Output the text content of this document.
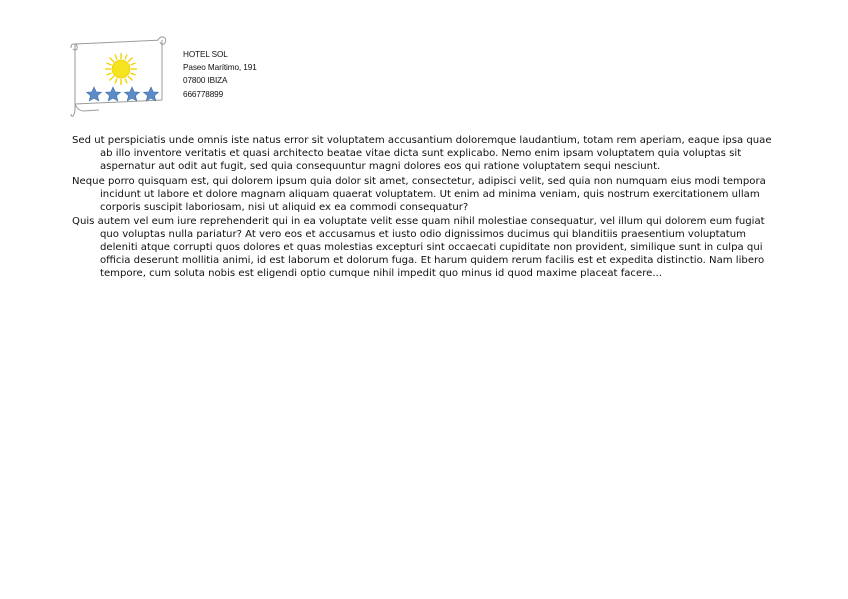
HOTEL SOL
Paseo Marítimo, 191
07800 IBIZA
666778899

Sed ut perspiciatis unde omnis iste natus error sit voluptatem accusantium doloremque laudantium, totam rem aperiam, eaque ipsa quae ab illo inventore veritatis et quasi architecto beatae vitae dicta sunt explicabo. Nemo enim ipsam voluptatem quia voluptas sit aspernatur aut odit aut fugit, sed quia consequuntur magni dolores eos qui ratione voluptatem sequi nesciunt.

Neque porro quisquam est, qui dolorem ipsum quia dolor sit amet, consectetur, adipisci velit, sed quia non numquam eius modi tempora incidunt ut labore et dolore magnam aliquam quaerat voluptatem. Ut enim ad minima veniam, quis nostrum exercitationem ullam corporis suscipit laboriosam, nisi ut aliquid ex ea commodi consequatur?

Quis autem vel eum iure reprehenderit qui in ea voluptate velit esse quam nihil molestiae consequatur, vel illum qui dolorem eum fugiat quo voluptas nulla pariatur? At vero eos et accusamus et iusto odio dignissimos ducimus qui blanditiis praesentium voluptatum deleniti atque corrupti quos dolores et quas molestias excepturi sint occaecati cupiditate non provident, similique sunt in culpa qui officia deserunt mollitia animi, id est laborum et dolorum fuga. Et harum quidem rerum facilis est et expedita distinctio. Nam libero tempore, cum soluta nobis est eligendi optio cumque nihil impedit quo minus id quod maxime placeat facere...
